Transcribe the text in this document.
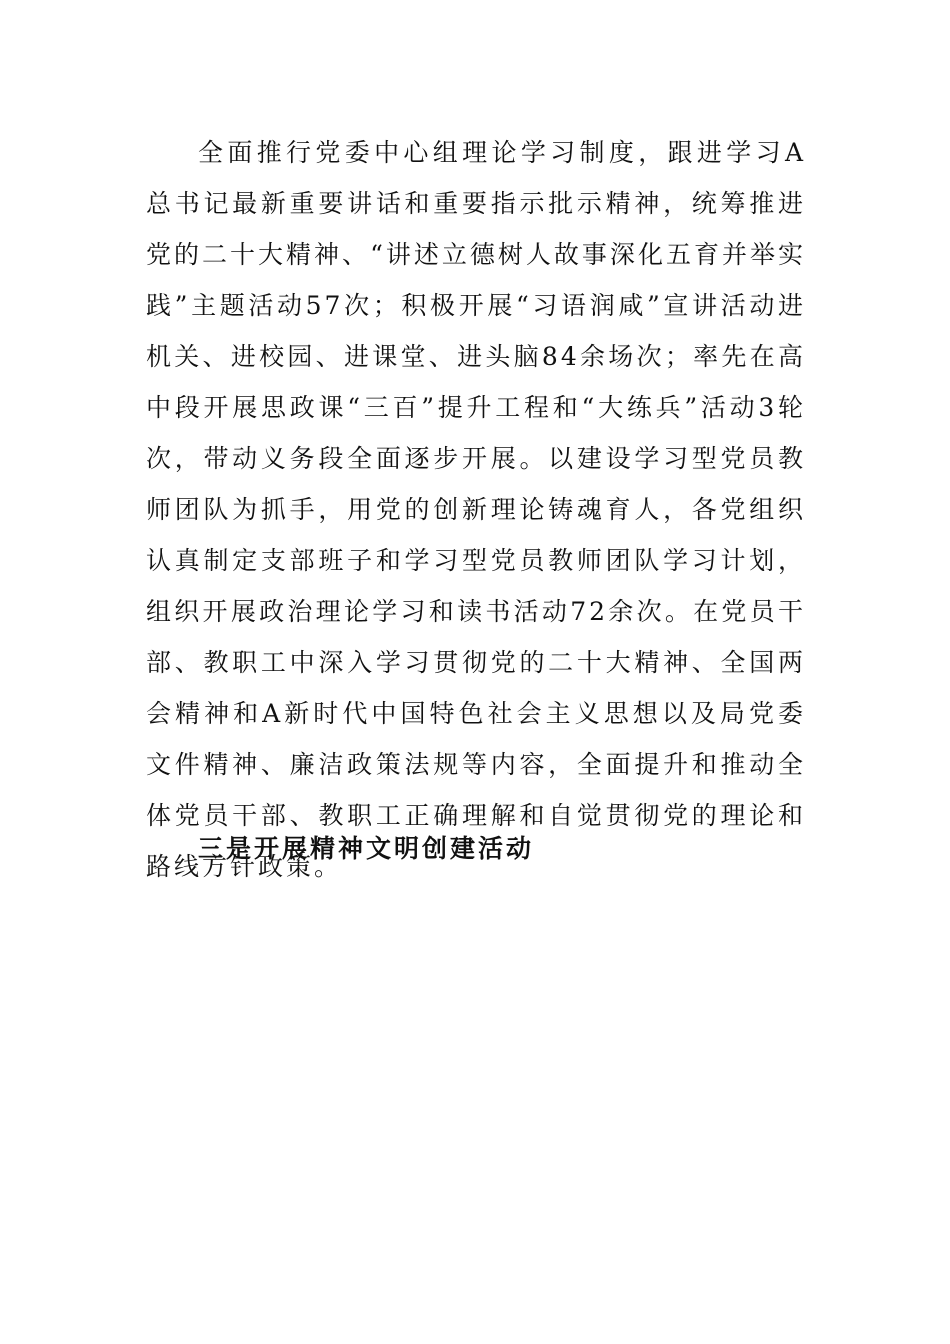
全面推行党委中心组理论学习制度，跟进学习A总书记最新重要讲话和重要指示批示精神，统筹推进党的二十大精神、“讲述立德树人故事深化五育并举实践”主题活动57次；积极开展“习语润咸”宣讲活动进机关、进校园、进课堂、进头脑84余场次；率先在高中段开展思政课“三百”提升工程和“大练兵”活动3轮次，带动义务段全面逐步开展。以建设学习型党员教师团队为抓手，用党的创新理论铸魂育人，各党组织认真制定支部班子和学习型党员教师团队学习计划，组织开展政治理论学习和读书活动72余次。在党员干部、教职工中深入学习贯彻党的二十大精神、全国两会精神和A新时代中国特色社会主义思想以及局党委文件精神、廉洁政策法规等内容，全面提升和推动全体党员干部、教职工正确理解和自觉贯彻党的理论和路线方针政策。

三是开展精神文明创建活动
